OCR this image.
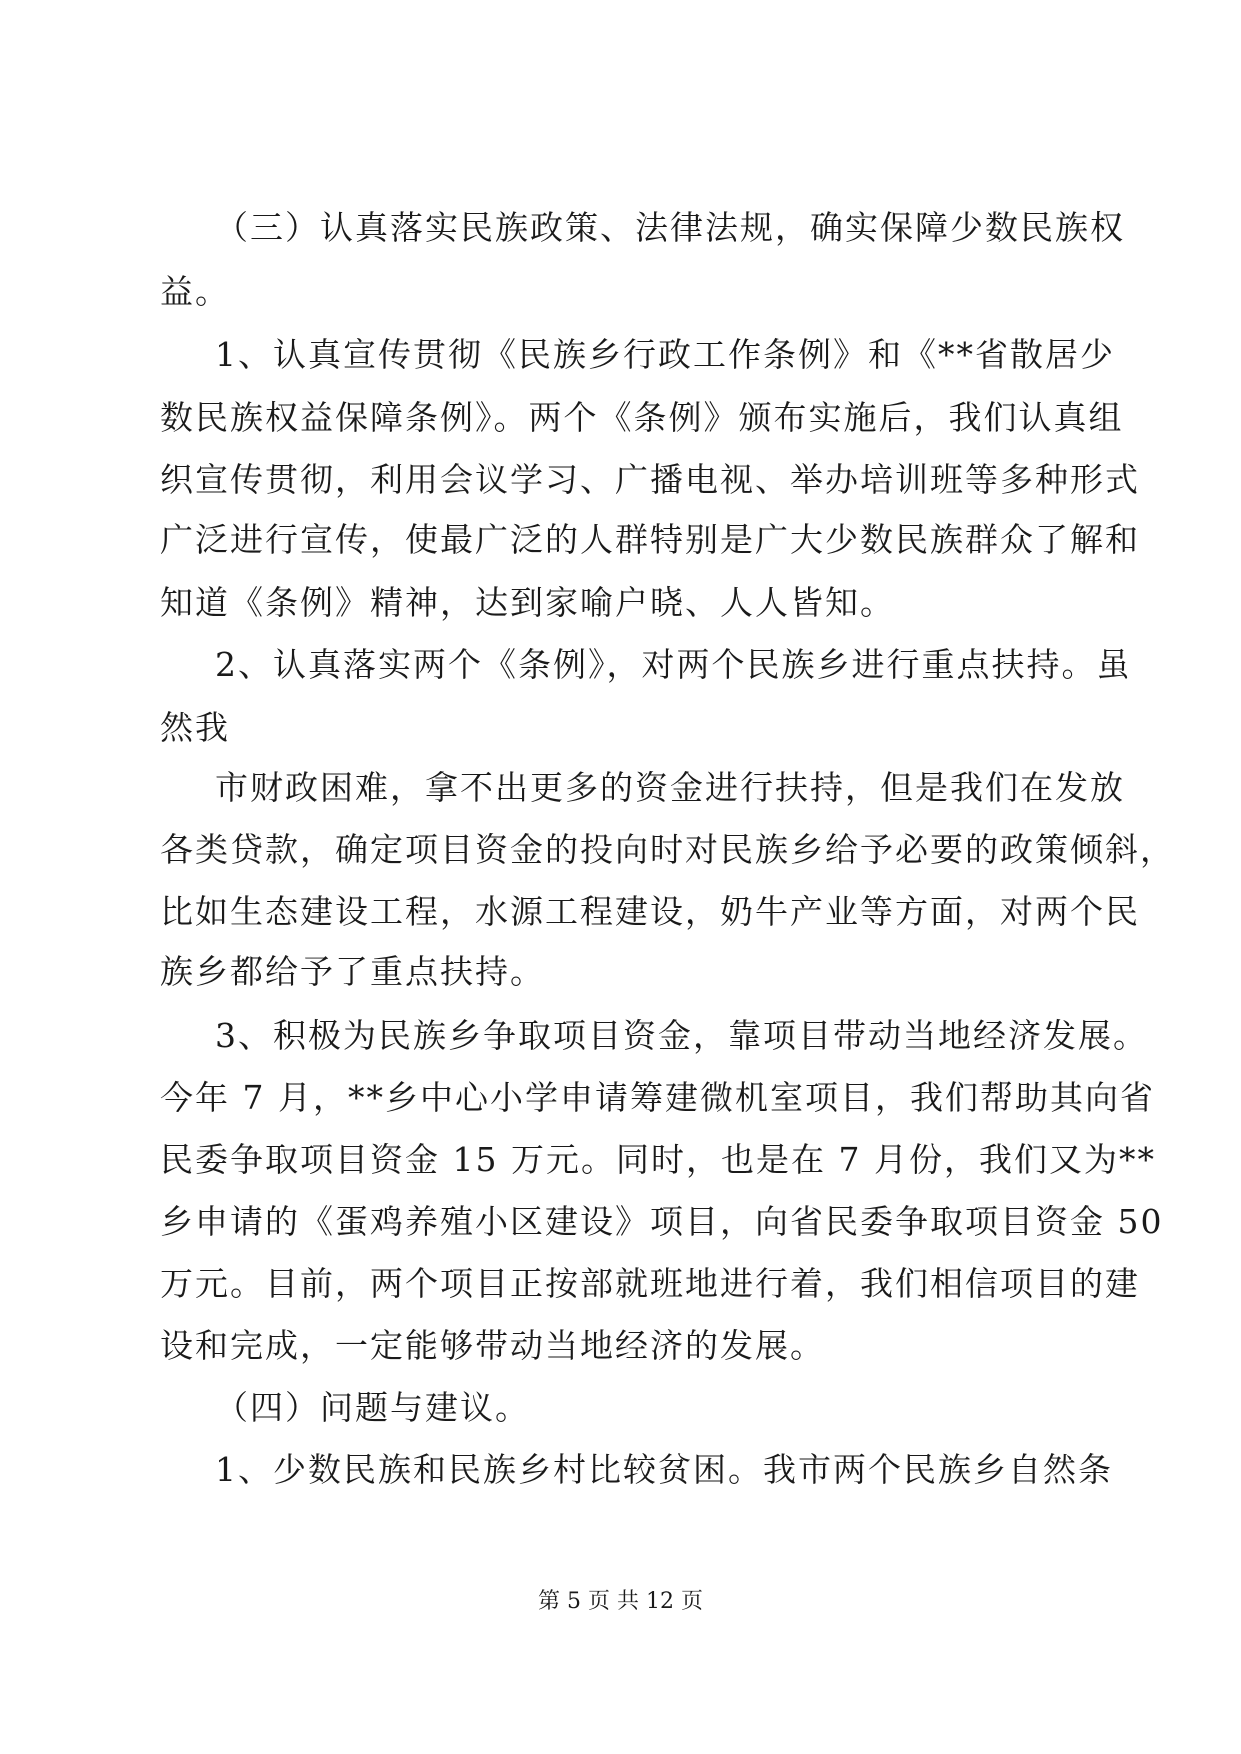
（三）认真落实民族政策、法律法规，确实保障少数民族权
益。
1、认真宣传贯彻《民族乡行政工作条例》和《**省散居少
数民族权益保障条例》。两个《条例》颁布实施后，我们认真组
织宣传贯彻，利用会议学习、广播电视、举办培训班等多种形式
广泛进行宣传，使最广泛的人群特别是广大少数民族群众了解和
知道《条例》精神，达到家喻户晓、人人皆知。
2、认真落实两个《条例》，对两个民族乡进行重点扶持。虽
然我
市财政困难，拿不出更多的资金进行扶持，但是我们在发放
各类贷款，确定项目资金的投向时对民族乡给予必要的政策倾斜，
比如生态建设工程，水源工程建设，奶牛产业等方面，对两个民
族乡都给予了重点扶持。
3、积极为民族乡争取项目资金，靠项目带动当地经济发展。
今年 7 月，**乡中心小学申请筹建微机室项目，我们帮助其向省
民委争取项目资金 15 万元。同时，也是在 7 月份，我们又为**
乡申请的《蛋鸡养殖小区建设》项目，向省民委争取项目资金 50
万元。目前，两个项目正按部就班地进行着，我们相信项目的建
设和完成，一定能够带动当地经济的发展。
（四）问题与建议。
1、少数民族和民族乡村比较贫困。我市两个民族乡自然条
第 5 页 共 12 页
